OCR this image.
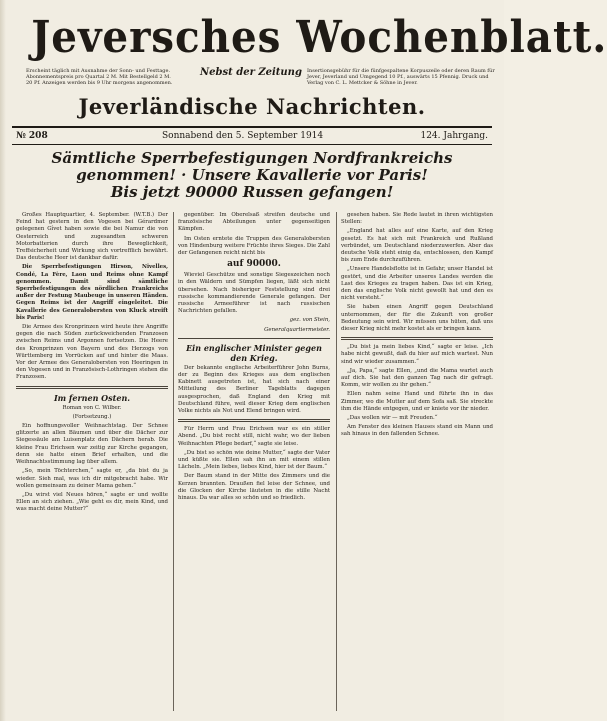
Jeversches Wochenblatt.
Erscheint täglich mit Ausnahme der Sonn- und Festtage. Abonnementspreis pro Quartal 2 M. Mit Bestellgeld 2 M. 20 Pf. Anzeigen werden bis 9 Uhr morgens angenommen.
Nebst der Zeitung Insertionsgebühr für die fünfgespaltene Korpuszeile oder deren Raum für Jever, Jeverland und Umgegend 10 Pf., auswärts 15 Pfennig. Druck und Verlag von C. L. Mettcker & Söhne in Jever.
Jeverländische Nachrichten.
№ 208	Sonnabend den 5. September 1914	124. Jahrgang.
Sämtliche Sperrbefestigungen Nordfrankreichs genommen! · Unsere Kavallerie vor Paris!
Bis jetzt 90000 Russen gefangen!

Großes Hauptquartier, 4. September. (W.T.B.) Der Feind hat gestern in den Vogesen bei Gérardmer gelegenen Gîvet haben sowie die bei Namur die von Oesterreich und zugesandten schweren Motorbatterien durch ihre Beweglichkeit, Treffsicherheit und Wirkung sich vortrefflich bewährt. Das deutsche Heer ist dankbar dafür.

Die Sperrbefestigungen Hirson, Nivelles, Condé, La Fère, Laon und Reims ohne Kampf genommen. Damit sind sämtliche Sperrbefestigungen des nördlichen Frankreichs außer der Festung Maubeuge in unseren Händen. Gegen Reims ist der Angriff eingeleitet. Die Kavallerie des Generalobersten von Kluck streift bis Paris!

Die Armee des Kronprinzen wird heute ihre Angriffe gegen die nach Süden zurückweichenden Franzosen zwischen Reims und Argonnen fortsetzen. Die Heere des Kronprinzen von Bayern und des Herzogs von Württemberg im Vorrücken auf und hinter die Maas. Vor der Armee des Generalobersten von Heeringen in den Vogesen und in Französisch-Lothringen stehen die Franzosen.

Im fernen Osten.

Roman von C. Wilber.

(Fortsetzung.)

Ein hoffnungsvoller Weihnachtstag. Der Schnee glitzerte an allen Bäumen und über die Dächer zur Siegessäule am Luisenplatz den Dächern herab. Die kleine Frau Erichsen war zeitig zur Kirche gegangen, denn sie hatte einen Brief erhalten, und die Weihnachtsstimmung lag über allem.

„So, mein Töchterchen,“ sagte er, „da bist du ja wieder. Sieh mal, was ich dir mitgebracht habe. Wir wollen gemeinsam zu deiner Mama gehen.“

„Du wirst viel Neues hören,“ sagte er und wollte Ellen an sich ziehen. „Wie geht es dir, mein Kind, und was macht deine Mutter?“

gegenüber. Im Oberelsaß streifen deutsche und französische Abteilungen unter gegenseitigen Kämpfen.

Im Osten erntete die Truppen des Generalobersten von Hindenburg weitere Früchte ihres Sieges. Die Zahl der Gefangenen reicht nicht bis

auf 90000.

Wieviel Geschütze und sonstige Siegeszeichen noch in den Wäldern und Sümpfen liegen, läßt sich nicht übersehen. Nach bisheriger Feststellung sind drei russische kommandierende Generale gefangen. Der russische Armeeführer ist nach russischen Nachrichten gefallen.

gez. von Stein,

Generalquartiermeister.

Ein englischer Minister gegen den Krieg.

Der bekannte englische Arbeiterführer John Burns, der zu Beginn des Krieges aus dem englischen Kabinett ausgetreten ist, hat sich nach einer Mitteilung des Berliner Tageblatts dagegen ausgesprochen, daß England den Krieg mit Deutschland führe, weil dieser Krieg dem englischen Volke nichts als Not und Elend bringen wird.

Für Herrn und Frau Erichsen war es ein stiller Abend. „Du bist recht still, nicht wahr, wo der lieben Weihnachten Pflege bedarf,“ sagte sie leise.

„Du bist so schön wie deine Mutter,“ sagte der Vater und küßte sie. Ellen sah ihn an mit einem stillen Lächeln. „Mein liebes, liebes Kind, hier ist der Baum.“

Der Baum stand in der Mitte des Zimmers und die Kerzen brannten. Draußen fiel leise der Schnee, und die Glocken der Kirche läuteten in die stille Nacht hinaus. Da war alles so schön und so friedlich.

gesehen haben. Sie Rede lautet in ihren wichtigsten Stellen:

„England hat alles auf eine Karte, auf den Krieg gesetzt. Es hat sich mit Frankreich und Rußland verbündet, um Deutschland niederzuwerfen. Aber das deutsche Volk steht einig da, entschlossen, den Kampf bis zum Ende durchzuführen.

„Unsere Handelsflotte ist in Gefahr, unser Handel ist gestört, und die Arbeiter unseres Landes werden die Last des Krieges zu tragen haben. Das ist ein Krieg, den das englische Volk nicht gewollt hat und den es nicht versteht.“

Sie haben einen Angriff gegen Deutschland unternommen, der für die Zukunft von großer Bedeutung sein wird. Wir müssen uns hüten, daß uns dieser Krieg nicht mehr kostet als er bringen kann.

„Du bist ja mein liebes Kind,“ sagte er leise. „Ich habe nicht gewußt, daß du hier auf mich wartest. Nun sind wir wieder zusammen.“

„Ja, Papa,“ sagte Ellen, „und die Mama wartet auch auf dich. Sie hat den ganzen Tag nach dir gefragt. Komm, wir wollen zu ihr gehen.“

Ellen nahm seine Hand und führte ihn in das Zimmer, wo die Mutter auf dem Sofa saß. Sie streckte ihm die Hände entgegen, und er kniete vor ihr nieder.

„Das wollen wir — mit Freuden.“

Am Fenster des kleinen Hauses stand ein Mann und sah hinaus in den fallenden Schnee.
